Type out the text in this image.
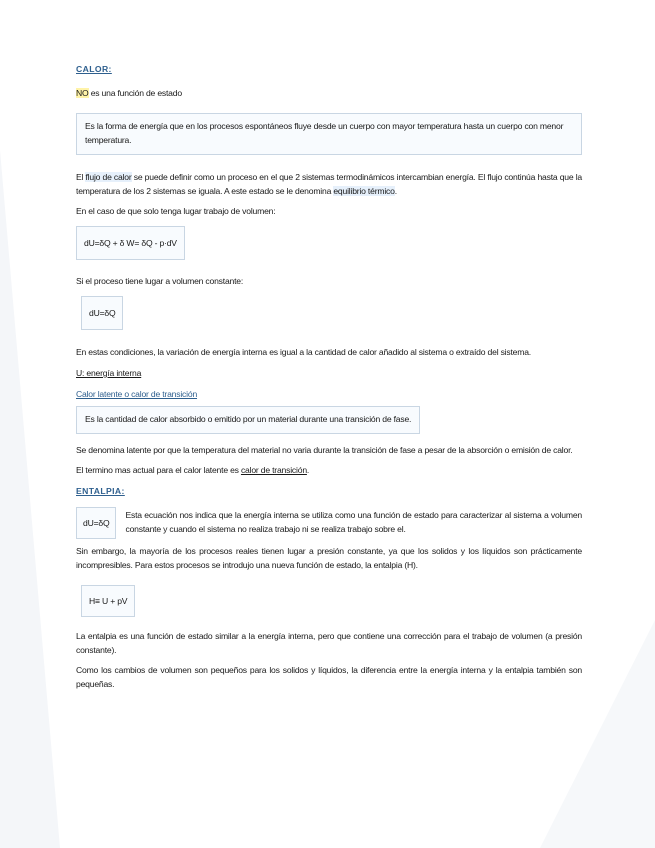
CALOR:

NO es una función de estado

Es la forma de energía que en los procesos espontáneos fluye desde un cuerpo con mayor temperatura hasta un cuerpo con menor temperatura.

El flujo de calor se puede definir como un proceso en el que 2 sistemas termodinámicos intercambian energía. El flujo continúa hasta que la temperatura de los 2 sistemas se iguala. A este estado se le denomina equilibrio térmico.

En el caso de que solo tenga lugar trabajo de volumen:

dU=δQ + δ W= δQ - p·dV

Si el proceso tiene lugar a volumen constante:

dU=δQ

En estas condiciones, la variación de energía interna es igual a la cantidad de calor añadido al sistema o extraído del sistema.

U: energía interna

Calor latente o calor de transición

Es la cantidad de calor absorbido o emitido por un material durante una transición de fase.

Se denomina latente por que la temperatura del material no varia durante la transición de fase a pesar de la absorción o emisión de calor.

El termino mas actual para el calor latente es calor de transición.

ENTALPIA:

dU=δQ

Esta ecuación nos indica que la energía interna se utiliza como una función de estado para caracterizar al sistema a volumen constante y cuando el sistema no realiza trabajo ni se realiza trabajo sobre el.

Sin embargo, la mayoría de los procesos reales tienen lugar a presión constante, ya que los solidos y los líquidos son prácticamente incompresibles. Para estos procesos se introdujo una nueva función de estado, la entalpia (H).

H≡ U + pV

La entalpia es una función de estado similar a la energía interna, pero que contiene una corrección para el trabajo de volumen (a presión constante).

Como los cambios de volumen son pequeños para los solidos y líquidos, la diferencia entre la energía interna y la entalpia también son pequeñas.
